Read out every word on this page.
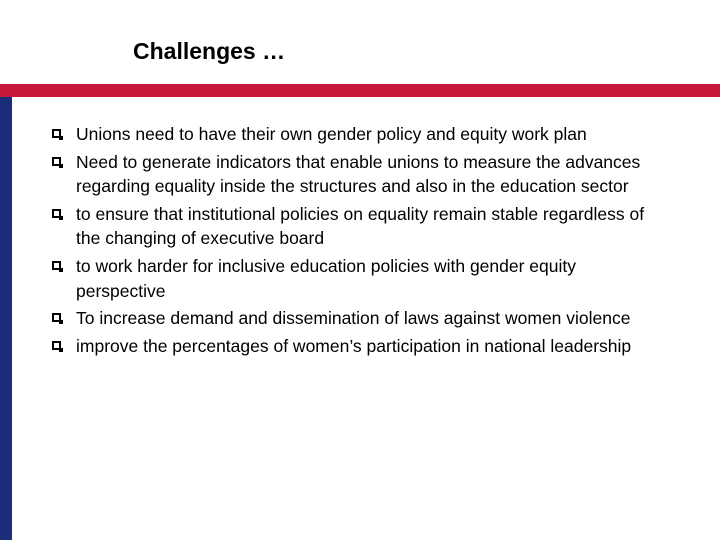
Challenges …
Unions need to have their own gender policy and equity work plan
Need to generate indicators that enable unions to measure the advances regarding equality inside the structures and also in the education sector
to ensure that institutional policies on equality remain stable regardless of the changing of executive board
to work harder for inclusive education policies with gender equity perspective
To increase demand and dissemination of laws against women violence
improve the percentages of women’s participation in national leadership
